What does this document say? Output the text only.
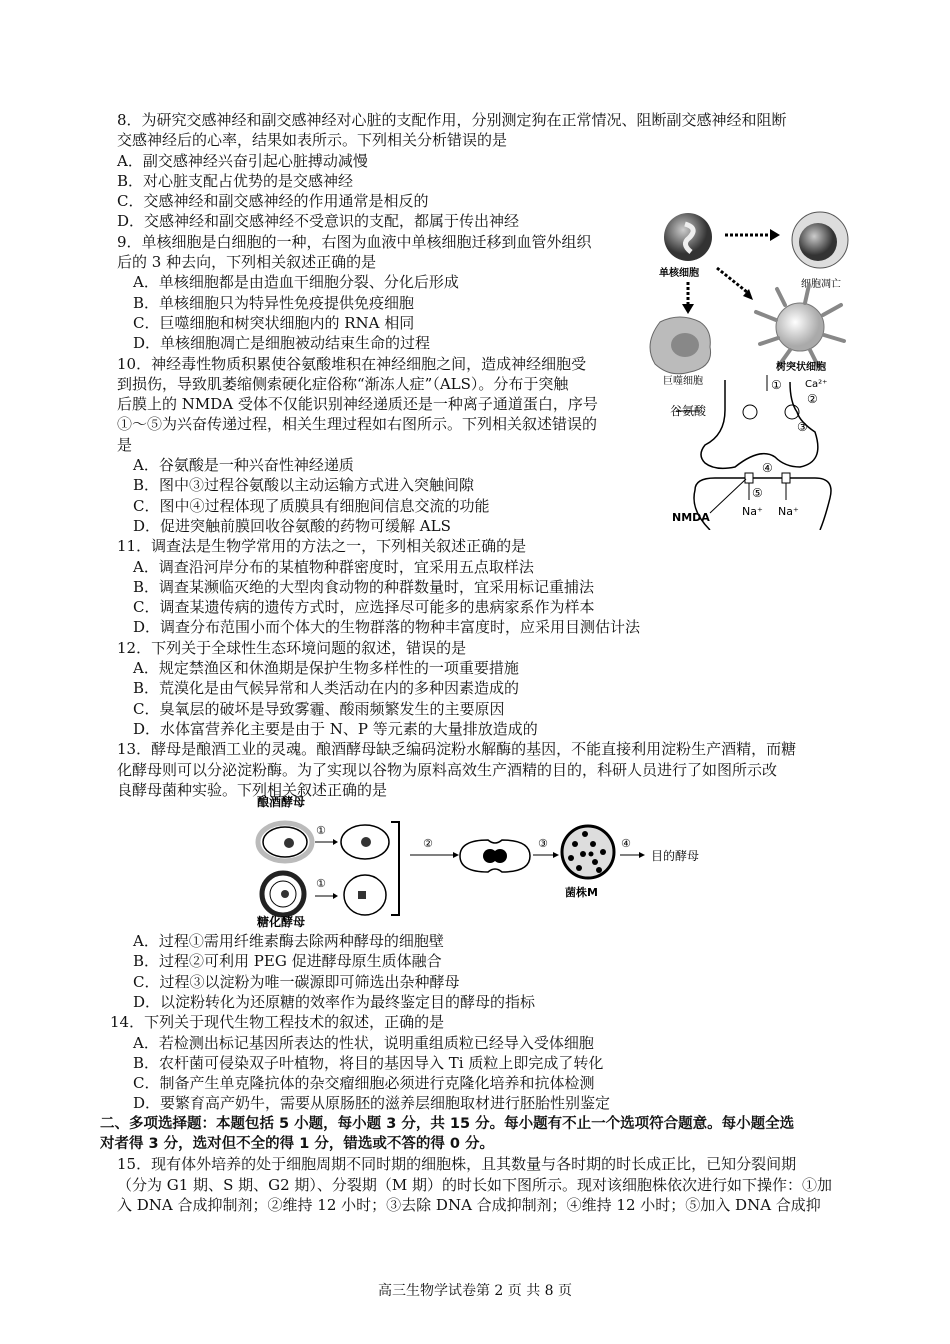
8．为研究交感神经和副交感神经对心脏的支配作用，分别测定狗在正常情况、阻断副交感神经和阻断
交感神经后的心率，结果如表所示。下列相关分析错误的是
A．副交感神经兴奋引起心脏搏动减慢
B．对心脏支配占优势的是交感神经
C．交感神经和副交感神经的作用通常是相反的
D．交感神经和副交感神经不受意识的支配，都属于传出神经
9．单核细胞是白细胞的一种，右图为血液中单核细胞迁移到血管外组织
后的 3 种去向，下列相关叙述正确的是
A．单核细胞都是由造血干细胞分裂、分化后形成
B．单核细胞只为特异性免疫提供免疫细胞
C．巨噬细胞和树突状细胞内的 RNA 相同
D．单核细胞凋亡是细胞被动结束生命的过程
10．神经毒性物质积累使谷氨酸堆积在神经细胞之间，造成神经细胞受
到损伤，导致肌萎缩侧索硬化症俗称“渐冻人症”（ALS）。分布于突触
后膜上的 NMDA 受体不仅能识别神经递质还是一种离子通道蛋白，序号
①～⑤为兴奋传递过程，相关生理过程如右图所示。下列相关叙述错误的
是
A．谷氨酸是一种兴奋性神经递质
B．图中③过程谷氨酸以主动运输方式进入突触间隙
C．图中④过程体现了质膜具有细胞间信息交流的功能
D．促进突触前膜回收谷氨酸的药物可缓解 ALS
11．调查法是生物学常用的方法之一，下列相关叙述正确的是
A．调查沿河岸分布的某植物种群密度时，宜采用五点取样法
B．调查某濒临灭绝的大型肉食动物的种群数量时，宜采用标记重捕法
C．调查某遗传病的遗传方式时，应选择尽可能多的患病家系作为样本
D．调查分布范围小而个体大的生物群落的物种丰富度时，应采用目测估计法
12．下列关于全球性生态环境问题的叙述，错误的是
A．规定禁渔区和休渔期是保护生物多样性的一项重要措施
B．荒漠化是由气候异常和人类活动在内的多种因素造成的
C．臭氧层的破坏是导致雾霾、酸雨频繁发生的主要原因
D．水体富营养化主要是由于 N、P 等元素的大量排放造成的
13．酵母是酿酒工业的灵魂。酿酒酵母缺乏编码淀粉水解酶的基因，不能直接利用淀粉生产酒精，而糖
化酵母则可以分泌淀粉酶。为了实现以谷物为原料高效生产酒精的目的，科研人员进行了如图所示改
良酵母菌种实验。下列相关叙述正确的是
A．过程①需用纤维素酶去除两种酵母的细胞壁
B．过程②可利用 PEG 促进酵母原生质体融合
C．过程③以淀粉为唯一碳源即可筛选出杂种酵母
D．以淀粉转化为还原糖的效率作为最终鉴定目的酵母的指标
14．下列关于现代生物工程技术的叙述，正确的是
A．若检测出标记基因所表达的性状，说明重组质粒已经导入受体细胞
B．农杆菌可侵染双子叶植物，将目的基因导入 Ti 质粒上即完成了转化
C．制备产生单克隆抗体的杂交瘤细胞必须进行克隆化培养和抗体检测
D．要繁育高产奶牛，需要从原肠胚的滋养层细胞取材进行胚胎性别鉴定
二、多项选择题：本题包括 5 小题，每小题 3 分，共 15 分。每小题有不止一个选项符合题意。每小题全选
对者得 3 分，选对但不全的得 1 分，错选或不答的得 0 分。
15．现有体外培养的处于细胞周期不同时期的细胞株，且其数量与各时期的时长成正比，已知分裂间期
（分为 G1 期、S 期、G2 期）、分裂期（M 期）的时长如下图所示。现对该细胞株依次进行如下操作：①加
入 DNA 合成抑制剂；②维持 12 小时；③去除 DNA 合成抑制剂；④维持 12 小时；⑤加入 DNA 合成抑
单核细胞
细胞凋亡
巨噬细胞
树突状细胞
谷氨酸
① Ca²⁺
②
③
④
⑤
NMDA	Na⁺ Na⁺
酿酒酵母
①
①
②	③
菌株M
④
目的酵母
糖化酵母
高三生物学试卷第 2 页 共 8 页
